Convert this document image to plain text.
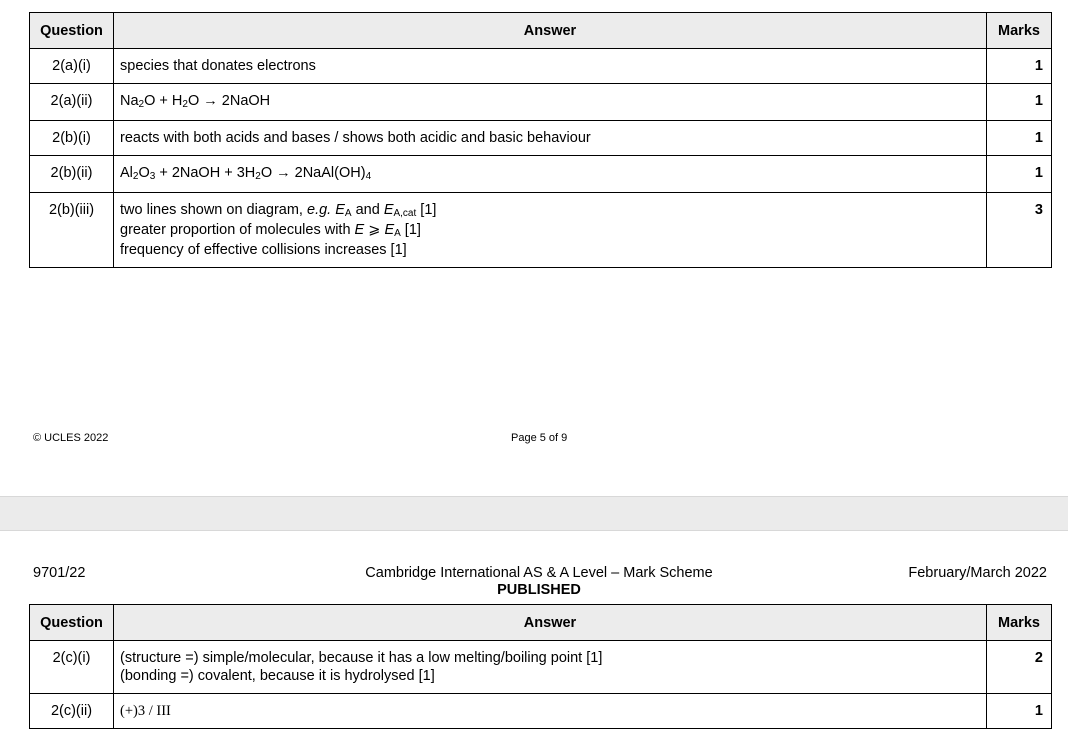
Question	Answer	Marks
2(a)(i)	species that donates electrons	1
2(a)(ii)	Na2O + H2O → 2NaOH	1
2(b)(i)	reacts with both acids and bases / shows both acidic and basic behaviour	1
2(b)(ii)	Al2O3 + 2NaOH + 3H2O → 2NaAl(OH)4	1
2(b)(iii)	two lines shown on diagram, e.g. EA and EA,cat [1]
greater proportion of molecules with E ⩾ EA [1]
frequency of effective collisions increases [1]	3
© UCLES 2022	Page 5 of 9
9701/22	Cambridge International AS & A Level – Mark Scheme
PUBLISHED
February/March 2022
Question	Answer	Marks
2(c)(i)	(structure =) simple/molecular, because it has a low melting/boiling point [1]
(bonding =) covalent, because it is hydrolysed [1]	2
2(c)(ii)	(+)3 / III	1
